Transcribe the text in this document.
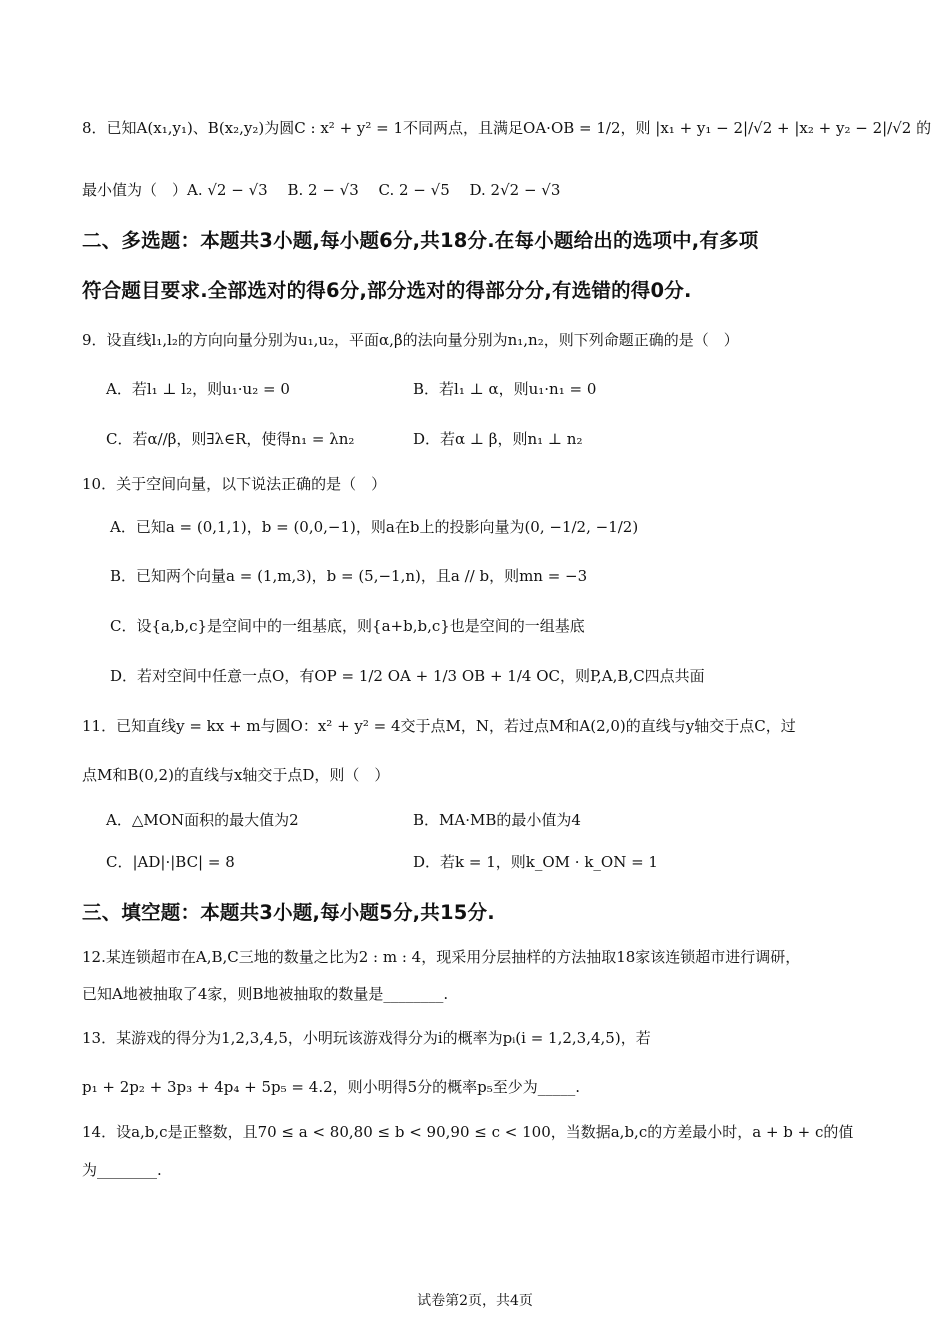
8．已知A(x₁,y₁)、B(x₂,y₂)为圆C : x² + y² = 1不同两点，且满足OA·OB = 1/2，则 |x₁ + y₁ − 2|/√2 + |x₂ + y₂ − 2|/√2 的
最小值为（　）A. √2 − √3　 B. 2 − √3　 C. 2 − √5　 D. 2√2 − √3
二、多选题：本题共3小题,每小题6分,共18分.在每小题给出的选项中,有多项
符合题目要求.全部选对的得6分,部分选对的得部分分,有选错的得0分.
9．设直线l₁,l₂的方向向量分别为u₁,u₂，平面α,β的法向量分别为n₁,n₂，则下列命题正确的是（　）
A．若l₁ ⊥ l₂，则u₁·u₂ = 0	B．若l₁ ⊥ α，则u₁·n₁ = 0
C．若α//β，则∃λ∈R，使得n₁ = λn₂	D．若α ⊥ β，则n₁ ⊥ n₂
10．关于空间向量，以下说法正确的是（　）
A．已知a = (0,1,1)，b = (0,0,−1)，则a在b上的投影向量为(0, −1/2, −1/2)
B．已知两个向量a = (1,m,3)，b = (5,−1,n)，且a // b，则mn = −3
C．设{a,b,c}是空间中的一组基底，则{a+b,b,c}也是空间的一组基底
D．若对空间中任意一点O，有OP = 1/2 OA + 1/3 OB + 1/4 OC，则P,A,B,C四点共面
11．已知直线y = kx + m与圆O：x² + y² = 4交于点M，N，若过点M和A(2,0)的直线与y轴交于点C，过
点M和B(0,2)的直线与x轴交于点D，则（　）
A．△MON面积的最大值为2	B．MA·MB的最小值为4
C．|AD|·|BC| = 8	D．若k = 1，则k_OM · k_ON = 1
三、填空题：本题共3小题,每小题5分,共15分.
12.某连锁超市在A,B,C三地的数量之比为2 : m : 4，现采用分层抽样的方法抽取18家该连锁超市进行调研，
已知A地被抽取了4家，则B地被抽取的数量是________.
13．某游戏的得分为1,2,3,4,5，小明玩该游戏得分为i的概率为pᵢ(i = 1,2,3,4,5)，若
p₁ + 2p₂ + 3p₃ + 4p₄ + 5p₅ = 4.2，则小明得5分的概率p₅至少为_____.
14．设a,b,c是正整数，且70 ≤ a < 80,80 ≤ b < 90,90 ≤ c < 100，当数据a,b,c的方差最小时，a + b + c的值
为________.
试卷第2页，共4页
